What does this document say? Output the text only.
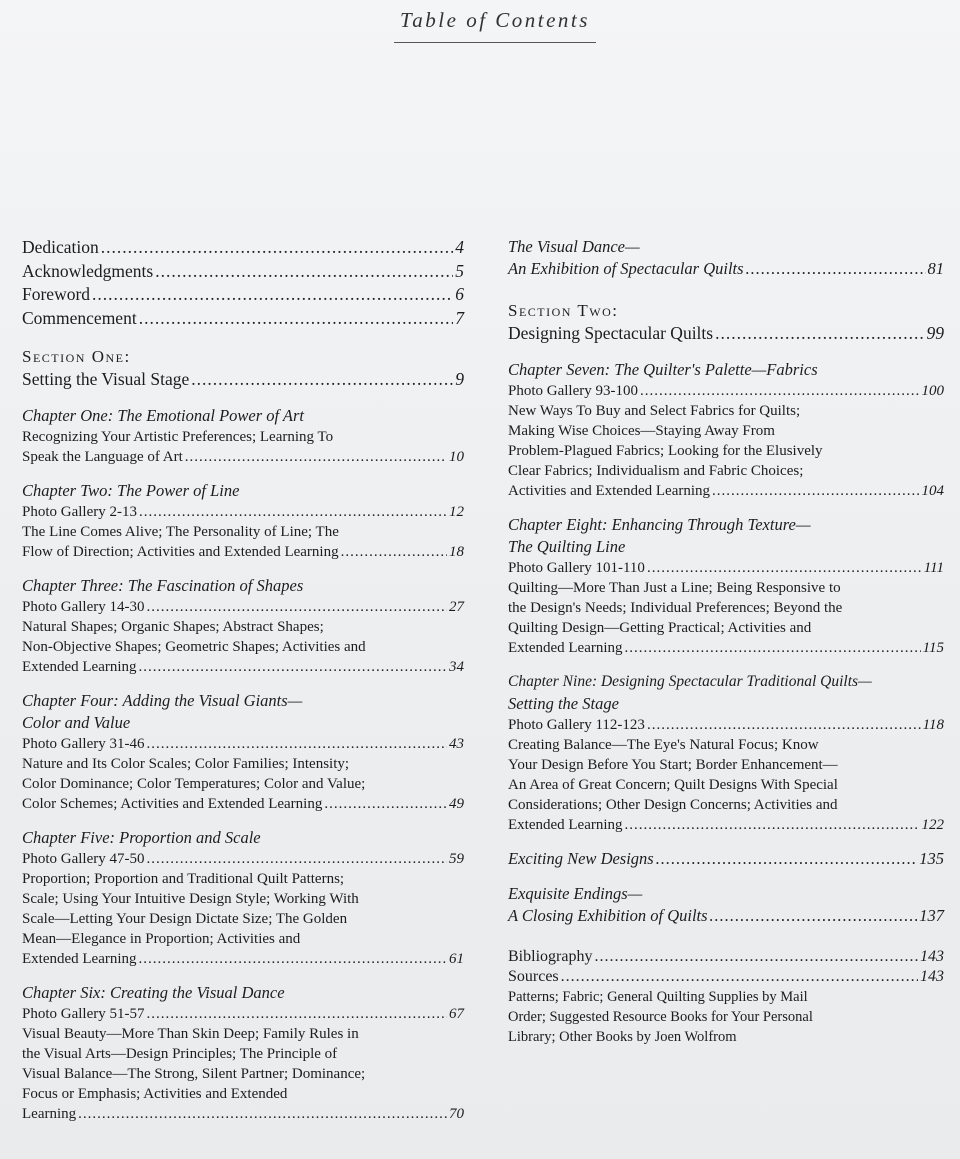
Table of Contents
Dedication .....	4
Acknowledgments .....	5
Foreword .....	6
Commencement .....	7
Section One:
Setting the Visual Stage .....	9
Chapter One: The Emotional Power of Art
Recognizing Your Artistic Preferences; Learning To
Speak the Language of Art .....	10
Chapter Two: The Power of Line
Photo Gallery 2-13 .....	12
The Line Comes Alive; The Personality of Line; The
Flow of Direction; Activities and Extended Learning .....	18
Chapter Three: The Fascination of Shapes
Photo Gallery 14-30 .....	27
Natural Shapes; Organic Shapes; Abstract Shapes;
Non-Objective Shapes; Geometric Shapes; Activities and
Extended Learning .....	34
Chapter Four: Adding the Visual Giants—
Color and Value
Photo Gallery 31-46 .....	43
Nature and Its Color Scales; Color Families; Intensity;
Color Dominance; Color Temperatures; Color and Value;
Color Schemes; Activities and Extended Learning .....	49
Chapter Five: Proportion and Scale
Photo Gallery 47-50 .....	59
Proportion; Proportion and Traditional Quilt Patterns;
Scale; Using Your Intuitive Design Style; Working With
Scale—Letting Your Design Dictate Size; The Golden
Mean—Elegance in Proportion; Activities and
Extended Learning .....	61
Chapter Six: Creating the Visual Dance
Photo Gallery 51-57 .....	67
Visual Beauty—More Than Skin Deep; Family Rules in
the Visual Arts—Design Principles; The Principle of
Visual Balance—The Strong, Silent Partner; Dominance;
Focus or Emphasis; Activities and Extended
Learning .....	70
The Visual Dance—
An Exhibition of Spectacular Quilts .....	81
Section Two:
Designing Spectacular Quilts .....	99
Chapter Seven: The Quilter's Palette—Fabrics
Photo Gallery 93-100 .....	100
New Ways To Buy and Select Fabrics for Quilts;
Making Wise Choices—Staying Away From
Problem-Plagued Fabrics; Looking for the Elusively
Clear Fabrics; Individualism and Fabric Choices;
Activities and Extended Learning .....	104
Chapter Eight: Enhancing Through Texture—
The Quilting Line
Photo Gallery 101-110 .....	111
Quilting—More Than Just a Line; Being Responsive to
the Design's Needs; Individual Preferences; Beyond the
Quilting Design—Getting Practical; Activities and
Extended Learning .....	115
Chapter Nine: Designing Spectacular Traditional Quilts—
Setting the Stage
Photo Gallery 112-123 .....	118
Creating Balance—The Eye's Natural Focus; Know
Your Design Before You Start; Border Enhancement—
An Area of Great Concern; Quilt Designs With Special
Considerations; Other Design Concerns; Activities and
Extended Learning .....	122
Exciting New Designs .....	135
Exquisite Endings—
A Closing Exhibition of Quilts .....	137
Bibliography .....	143
Sources .....	143
Patterns; Fabric; General Quilting Supplies by Mail
Order; Suggested Resource Books for Your Personal
Library; Other Books by Joen Wolfrom
